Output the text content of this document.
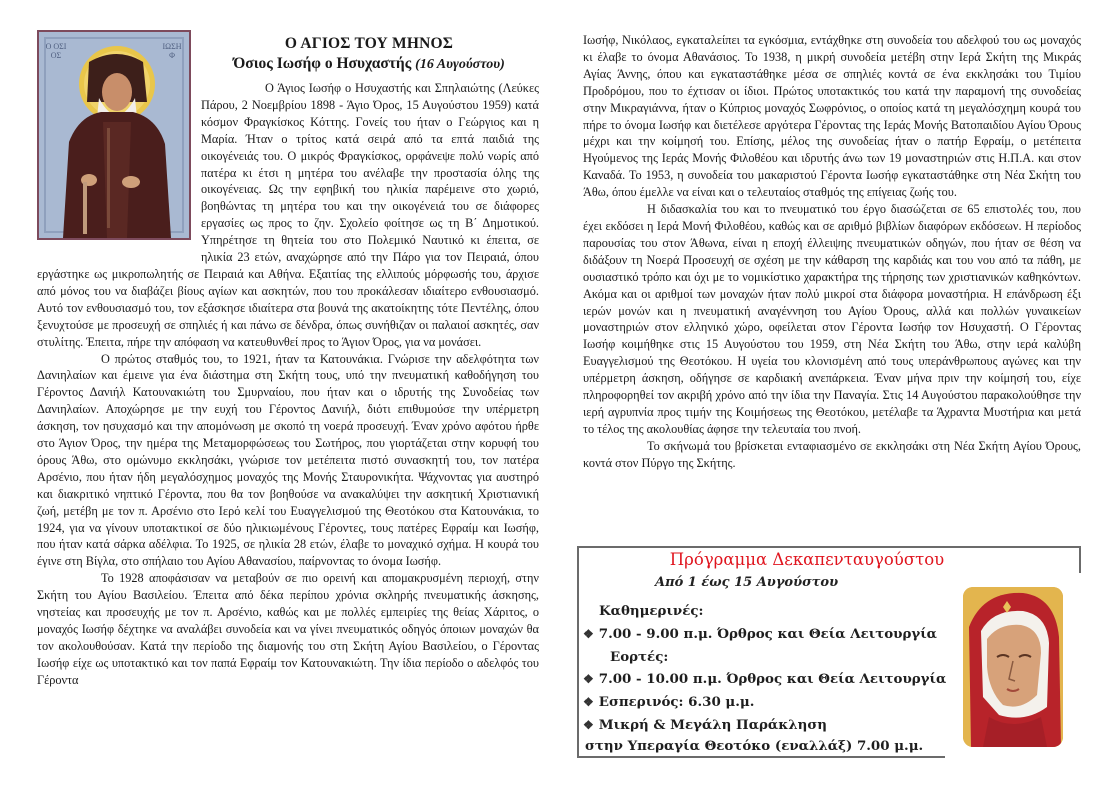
Ο ΟΣΙΟΣ
ΙΩΣΗΦ
Ο ΑΓΙΟΣ ΤΟΥ ΜΗΝΟΣ
Όσιος Ιωσήφ ο Ησυχαστής (16 Αυγούστου)

Ο Άγιος Ιωσήφ ο Ησυχαστής και Σπηλαιώτης (Λεύκες Πάρου, 2 Νοεμβρίου 1898 - Άγιο Όρος, 15 Αυγούστου 1959) κατά κόσμον Φραγκίσκος Κόττης. Γονείς του ήταν ο Γεώργιος και η Μαρία. Ήταν ο τρίτος κατά σειρά από τα επτά παιδιά της οικογένειάς του. Ο μικρός Φραγκίσκος, ορφάνεψε πολύ νωρίς από πατέρα κι έτσι η μητέρα του ανέλαβε την προστασία όλης της οικογένειας. Ως την εφηβική του ηλικία παρέμεινε στο χωριό, βοηθώντας τη μητέρα του και την οικογένειά του σε διάφορες εργασίες ως προς το ζην. Σχολείο φοίτησε ως τη Β΄ Δημοτικού. Υπηρέτησε τη θητεία του στο Πολεμικό Ναυτικό κι έπειτα, σε ηλικία 23 ετών, αναχώρησε από την Πάρο για τον Πειραιά, όπου εργάστηκε ως μικροπωλητής σε Πειραιά και Αθήνα. Εξαιτίας της ελλιπούς μόρφωσής του, άρχισε από μόνος του να διαβάζει βίους αγίων και ασκητών, που του προκάλεσαν ιδιαίτερο ενθουσιασμό. Αυτό τον ενθουσιασμό του, τον εξάσκησε ιδιαίτερα στα βουνά της ακατοίκητης τότε Πεντέλης, όπου ξενυχτούσε με προσευχή σε σπηλιές ή και πάνω σε δένδρα, όπως συνήθιζαν οι παλαιοί ασκητές, σαν στυλίτης. Έπειτα, πήρε την απόφαση να κατευθυνθεί προς το Άγιον Όρος, για να μονάσει.

Ο πρώτος σταθμός του, το 1921, ήταν τα Κατουνάκια. Γνώρισε την αδελφότητα των Δανιηλαίων και έμεινε για ένα διάστημα στη Σκήτη τους, υπό την πνευματική καθοδήγηση του Γέροντος Δανιήλ Κατουνακιώτη του Σμυρναίου, που ήταν και ο ιδρυτής της Συνοδείας των Δανιηλαίων. Αποχώρησε με την ευχή του Γέροντος Δανιήλ, διότι επιθυμούσε την υπέρμετρη άσκηση, τον ησυχασμό και την απομόνωση με σκοπό τη νοερά προσευχή. Έναν χρόνο αφότου ήρθε στο Άγιον Όρος, την ημέρα της Μεταμορφώσεως του Σωτήρος, που γιορτάζεται στην κορυφή του όρους Άθω, στο ομώνυμο εκκλησάκι, γνώρισε τον μετέπειτα πιστό συνασκητή του, τον πατέρα Αρσένιο, που ήταν ήδη μεγαλόσχημος μοναχός της Μονής Σταυρονικήτα. Ψάχνοντας για αυστηρό και διακριτικό νηπτικό Γέροντα, που θα τον βοηθούσε να ανακαλύψει την ασκητική Χριστιανική ζωή, μετέβη με τον π. Αρσένιο στο Ιερό κελί του Ευαγγελισμού της Θεοτόκου στα Κατουνάκια, το 1924, για να γίνουν υποτακτικοί σε δύο ηλικιωμένους Γέροντες, τους πατέρες Εφραίμ και Ιωσήφ, που ήταν κατά σάρκα αδέλφια. Το 1925, σε ηλικία 28 ετών, έλαβε το μοναχικό σχήμα. Η κουρά του έγινε στη Βίγλα, στο σπήλαιο του Αγίου Αθανασίου, παίρνοντας το όνομα Ιωσήφ.

Το 1928 αποφάσισαν να μεταβούν σε πιο ορεινή και απομακρυσμένη περιοχή, στην Σκήτη του Αγίου Βασιλείου. Έπειτα από δέκα περίπου χρόνια σκληρής πνευματικής άσκησης, νηστείας και προσευχής με τον π. Αρσένιο, καθώς και με πολλές εμπειρίες της θείας Χάριτος, ο μοναχός Ιωσήφ δέχτηκε να αναλάβει συνοδεία και να γίνει πνευματικός οδηγός όποιων μοναχών θα τον ακολουθούσαν. Κατά την περίοδο της διαμονής του στη Σκήτη Αγίου Βασιλείου, ο Γέροντας Ιωσήφ είχε ως υποτακτικό και τον παπά Εφραίμ τον Κατουνακιώτη. Την ίδια περίοδο ο αδελφός του Γέροντα

Ιωσήφ, Νικόλαος, εγκαταλείπει τα εγκόσμια, εντάχθηκε στη συνοδεία του αδελφού του ως μοναχός κι έλαβε το όνομα Αθανάσιος. Το 1938, η μικρή συνοδεία μετέβη στην Ιερά Σκήτη της Μικράς Αγίας Άννης, όπου και εγκαταστάθηκε μέσα σε σπηλιές κοντά σε ένα εκκλησάκι του Τιμίου Προδρόμου, που το έχτισαν οι ίδιοι. Πρώτος υποτακτικός του κατά την παραμονή της συνοδείας στην Μικραγιάννα, ήταν ο Κύπριος μοναχός Σωφρόνιος, ο οποίος κατά τη μεγαλόσχημη κουρά του πήρε το όνομα Ιωσήφ και διετέλεσε αργότερα Γέροντας της Ιεράς Μονής Βατοπαιδίου Αγίου Όρους μέχρι και την κοίμησή του. Επίσης, μέλος της συνοδείας ήταν ο πατήρ Εφραίμ, ο μετέπειτα Ηγούμενος της Ιεράς Μονής Φιλοθέου και ιδρυτής άνω των 19 μοναστηριών στις Η.Π.Α. και στον Καναδά. Το 1953, η συνοδεία του μακαριστού Γέροντα Ιωσήφ εγκαταστάθηκε στη Νέα Σκήτη του Άθω, όπου έμελλε να είναι και ο τελευταίος σταθμός της επίγειας ζωής του.

Η διδασκαλία του και το πνευματικό του έργο διασώζεται σε 65 επιστολές του, που έχει εκδόσει η Ιερά Μονή Φιλοθέου, καθώς και σε αριθμό βιβλίων διαφόρων εκδόσεων. Η περίοδος παρουσίας του στον Άθωνα, είναι η εποχή έλλειψης πνευματικών οδηγών, που ήταν σε θέση να διδάξουν τη Νοερά Προσευχή σε σχέση με την κάθαρση της καρδιάς και του νου από τα πάθη, με ουσιαστικό τρόπο και όχι με το νομικίστικο χαρακτήρα της τήρησης των χριστιανικών καθηκόντων. Ακόμα και οι αριθμοί των μοναχών ήταν πολύ μικροί στα διάφορα μοναστήρια. Η επάνδρωση έξι ιερών μονών και η πνευματική αναγέννηση του Αγίου Όρους, αλλά και πολλών γυναικείων μοναστηριών στον ελληνικό χώρο, οφείλεται στον Γέροντα Ιωσήφ τον Ησυχαστή. Ο Γέροντας Ιωσήφ κοιμήθηκε στις 15 Αυγούστου του 1959, στη Νέα Σκήτη του Άθω, στην ιερά καλύβη Ευαγγελισμού της Θεοτόκου. Η υγεία του κλονισμένη από τους υπεράνθρωπους αγώνες και την υπέρμετρη άσκηση, οδήγησε σε καρδιακή ανεπάρκεια. Έναν μήνα πριν την κοίμησή του, είχε πληροφορηθεί τον ακριβή χρόνο από την ίδια την Παναγία. Στις 14 Αυγούστου παρακολούθησε την ιερή αγρυπνία προς τιμήν της Κοιμήσεως της Θεοτόκου, μετέλαβε τα Άχραντα Μυστήρια και μετά το τέλος της ακολουθίας άφησε την τελευταία του πνοή.

Το σκήνωμά του βρίσκεται ενταφιασμένο σε εκκλησάκι στη Νέα Σκήτη Αγίου Όρους, κοντά στον Πύργο της Σκήτης.

Πρόγραμμα Δεκαπενταυγούστου
Από 1 έως 15 Αυγούστου
Καθημερινές:
❖ 7.00 - 9.00 π.μ. Όρθρος και Θεία Λειτουργία
Εορτές:
❖ 7.00 - 10.00 π.μ. Όρθρος και Θεία Λειτουργία
❖ Εσπερινός: 6.30 μ.μ.
❖ Μικρή & Μεγάλη Παράκληση
στην Υπεραγία Θεοτόκο (εναλλάξ) 7.00 μ.μ.
